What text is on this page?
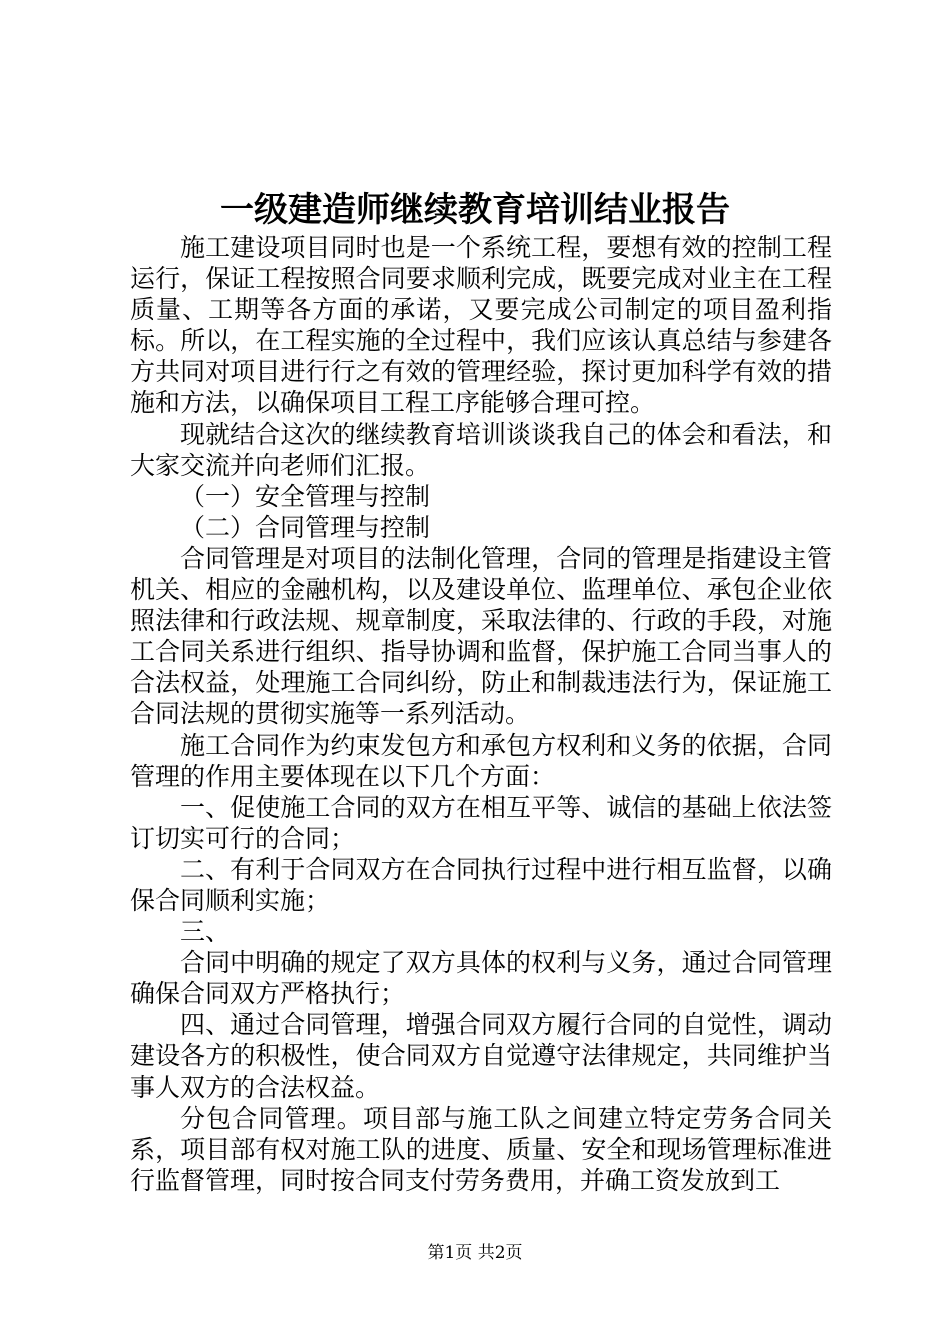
一级建造师继续教育培训结业报告

施工建设项目同时也是一个系统工程，要想有效的控制工程运行，保证工程按照合同要求顺利完成，既要完成对业主在工程质量、工期等各方面的承诺，又要完成公司制定的项目盈利指标。所以，在工程实施的全过程中，我们应该认真总结与参建各方共同对项目进行行之有效的管理经验，探讨更加科学有效的措施和方法，以确保项目工程工序能够合理可控。

现就结合这次的继续教育培训谈谈我自己的体会和看法，和大家交流并向老师们汇报。

（一）安全管理与控制

（二）合同管理与控制

合同管理是对项目的法制化管理，合同的管理是指建设主管机关、相应的金融机构，以及建设单位、监理单位、承包企业依照法律和行政法规、规章制度，采取法律的、行政的手段，对施工合同关系进行组织、指导协调和监督，保护施工合同当事人的合法权益，处理施工合同纠纷，防止和制裁违法行为，保证施工合同法规的贯彻实施等一系列活动。

施工合同作为约束发包方和承包方权利和义务的依据，合同管理的作用主要体现在以下几个方面：

一、促使施工合同的双方在相互平等、诚信的基础上依法签订切实可行的合同；

二、有利于合同双方在合同执行过程中进行相互监督，以确保合同顺利实施；

三、

合同中明确的规定了双方具体的权利与义务，通过合同管理确保合同双方严格执行；

四、通过合同管理，增强合同双方履行合同的自觉性，调动建设各方的积极性，使合同双方自觉遵守法律规定，共同维护当事人双方的合法权益。

分包合同管理。项目部与施工队之间建立特定劳务合同关系，项目部有权对施工队的进度、质量、安全和现场管理标准进行监督管理，同时按合同支付劳务费用，并确工资发放到工

第1页 共2页
